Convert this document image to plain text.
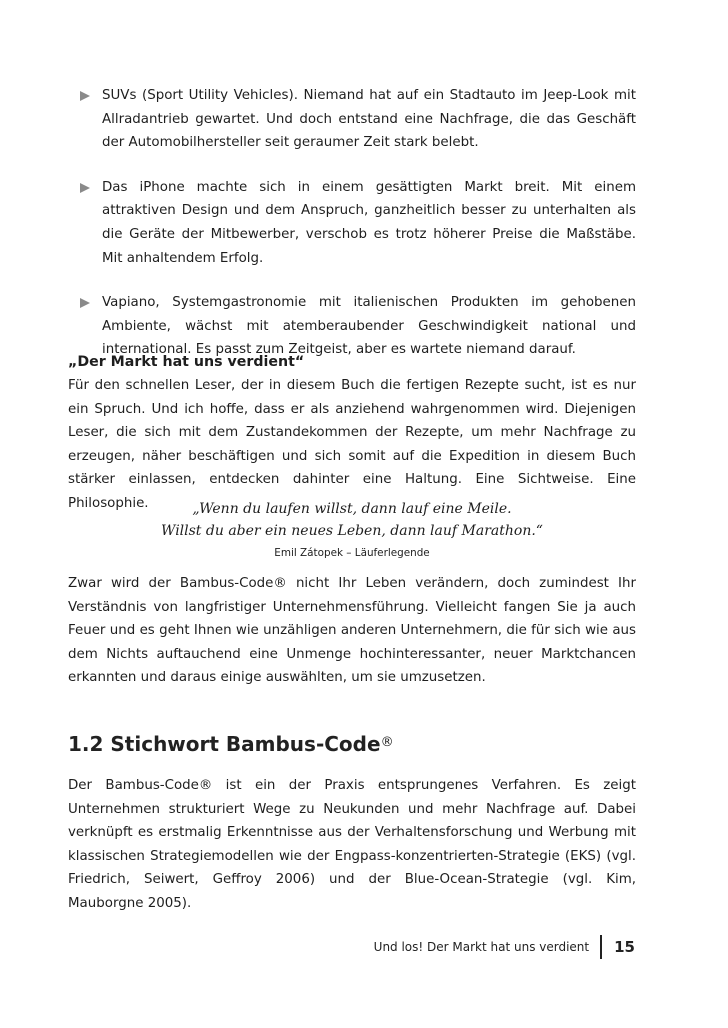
SUVs (Sport Utility Vehicles). Niemand hat auf ein Stadtauto im Jeep-Look mit Allradantrieb gewartet. Und doch entstand eine Nachfrage, die das Geschäft der Automobilhersteller seit geraumer Zeit stark belebt.
Das iPhone machte sich in einem gesättigten Markt breit. Mit einem attraktiven Design und dem Anspruch, ganzheitlich besser zu unterhalten als die Geräte der Mitbewerber, verschob es trotz höherer Preise die Maßstäbe. Mit anhaltendem Erfolg.
Vapiano, Systemgastronomie mit italienischen Produkten im gehobenen Ambiente, wächst mit atemberaubender Geschwindigkeit national und international. Es passt zum Zeitgeist, aber es wartete niemand darauf.
„Der Markt hat uns verdient“

Für den schnellen Leser, der in diesem Buch die fertigen Rezepte sucht, ist es nur ein Spruch. Und ich hoffe, dass er als anziehend wahrgenommen wird. Diejenigen Leser, die sich mit dem Zustandekommen der Rezepte, um mehr Nachfrage zu erzeugen, näher beschäftigen und sich somit auf die Expedition in diesem Buch stärker einlassen, entdecken dahinter eine Haltung. Eine Sichtweise. Eine Philosophie.	„Wenn du laufen willst, dann lauf eine Meile.
Willst du aber ein neues Leben, dann lauf Marathon.“
Emil Zátopek – Läuferlegende

Zwar wird der Bambus-Code® nicht Ihr Leben verändern, doch zumindest Ihr Verständnis von langfristiger Unternehmensführung. Vielleicht fangen Sie ja auch Feuer und es geht Ihnen wie unzähligen anderen Unternehmern, die für sich wie aus dem Nichts auftauchend eine Unmenge hochinteressanter, neuer Marktchancen erkannten und daraus einige auswählten, um sie umzusetzen.

1.2 Stichwort Bambus-Code®

Der Bambus-Code® ist ein der Praxis entsprungenes Verfahren. Es zeigt Unternehmen strukturiert Wege zu Neukunden und mehr Nachfrage auf. Dabei verknüpft es erstmalig Erkenntnisse aus der Verhaltensforschung und Werbung mit klassischen Strategiemodellen wie der Engpass-konzentrierten-Strategie (EKS) (vgl. Friedrich, Seiwert, Geffroy 2006) und der Blue-Ocean-Strategie (vgl. Kim, Mauborgne 2005).

Und los! Der Markt hat uns verdient 15
